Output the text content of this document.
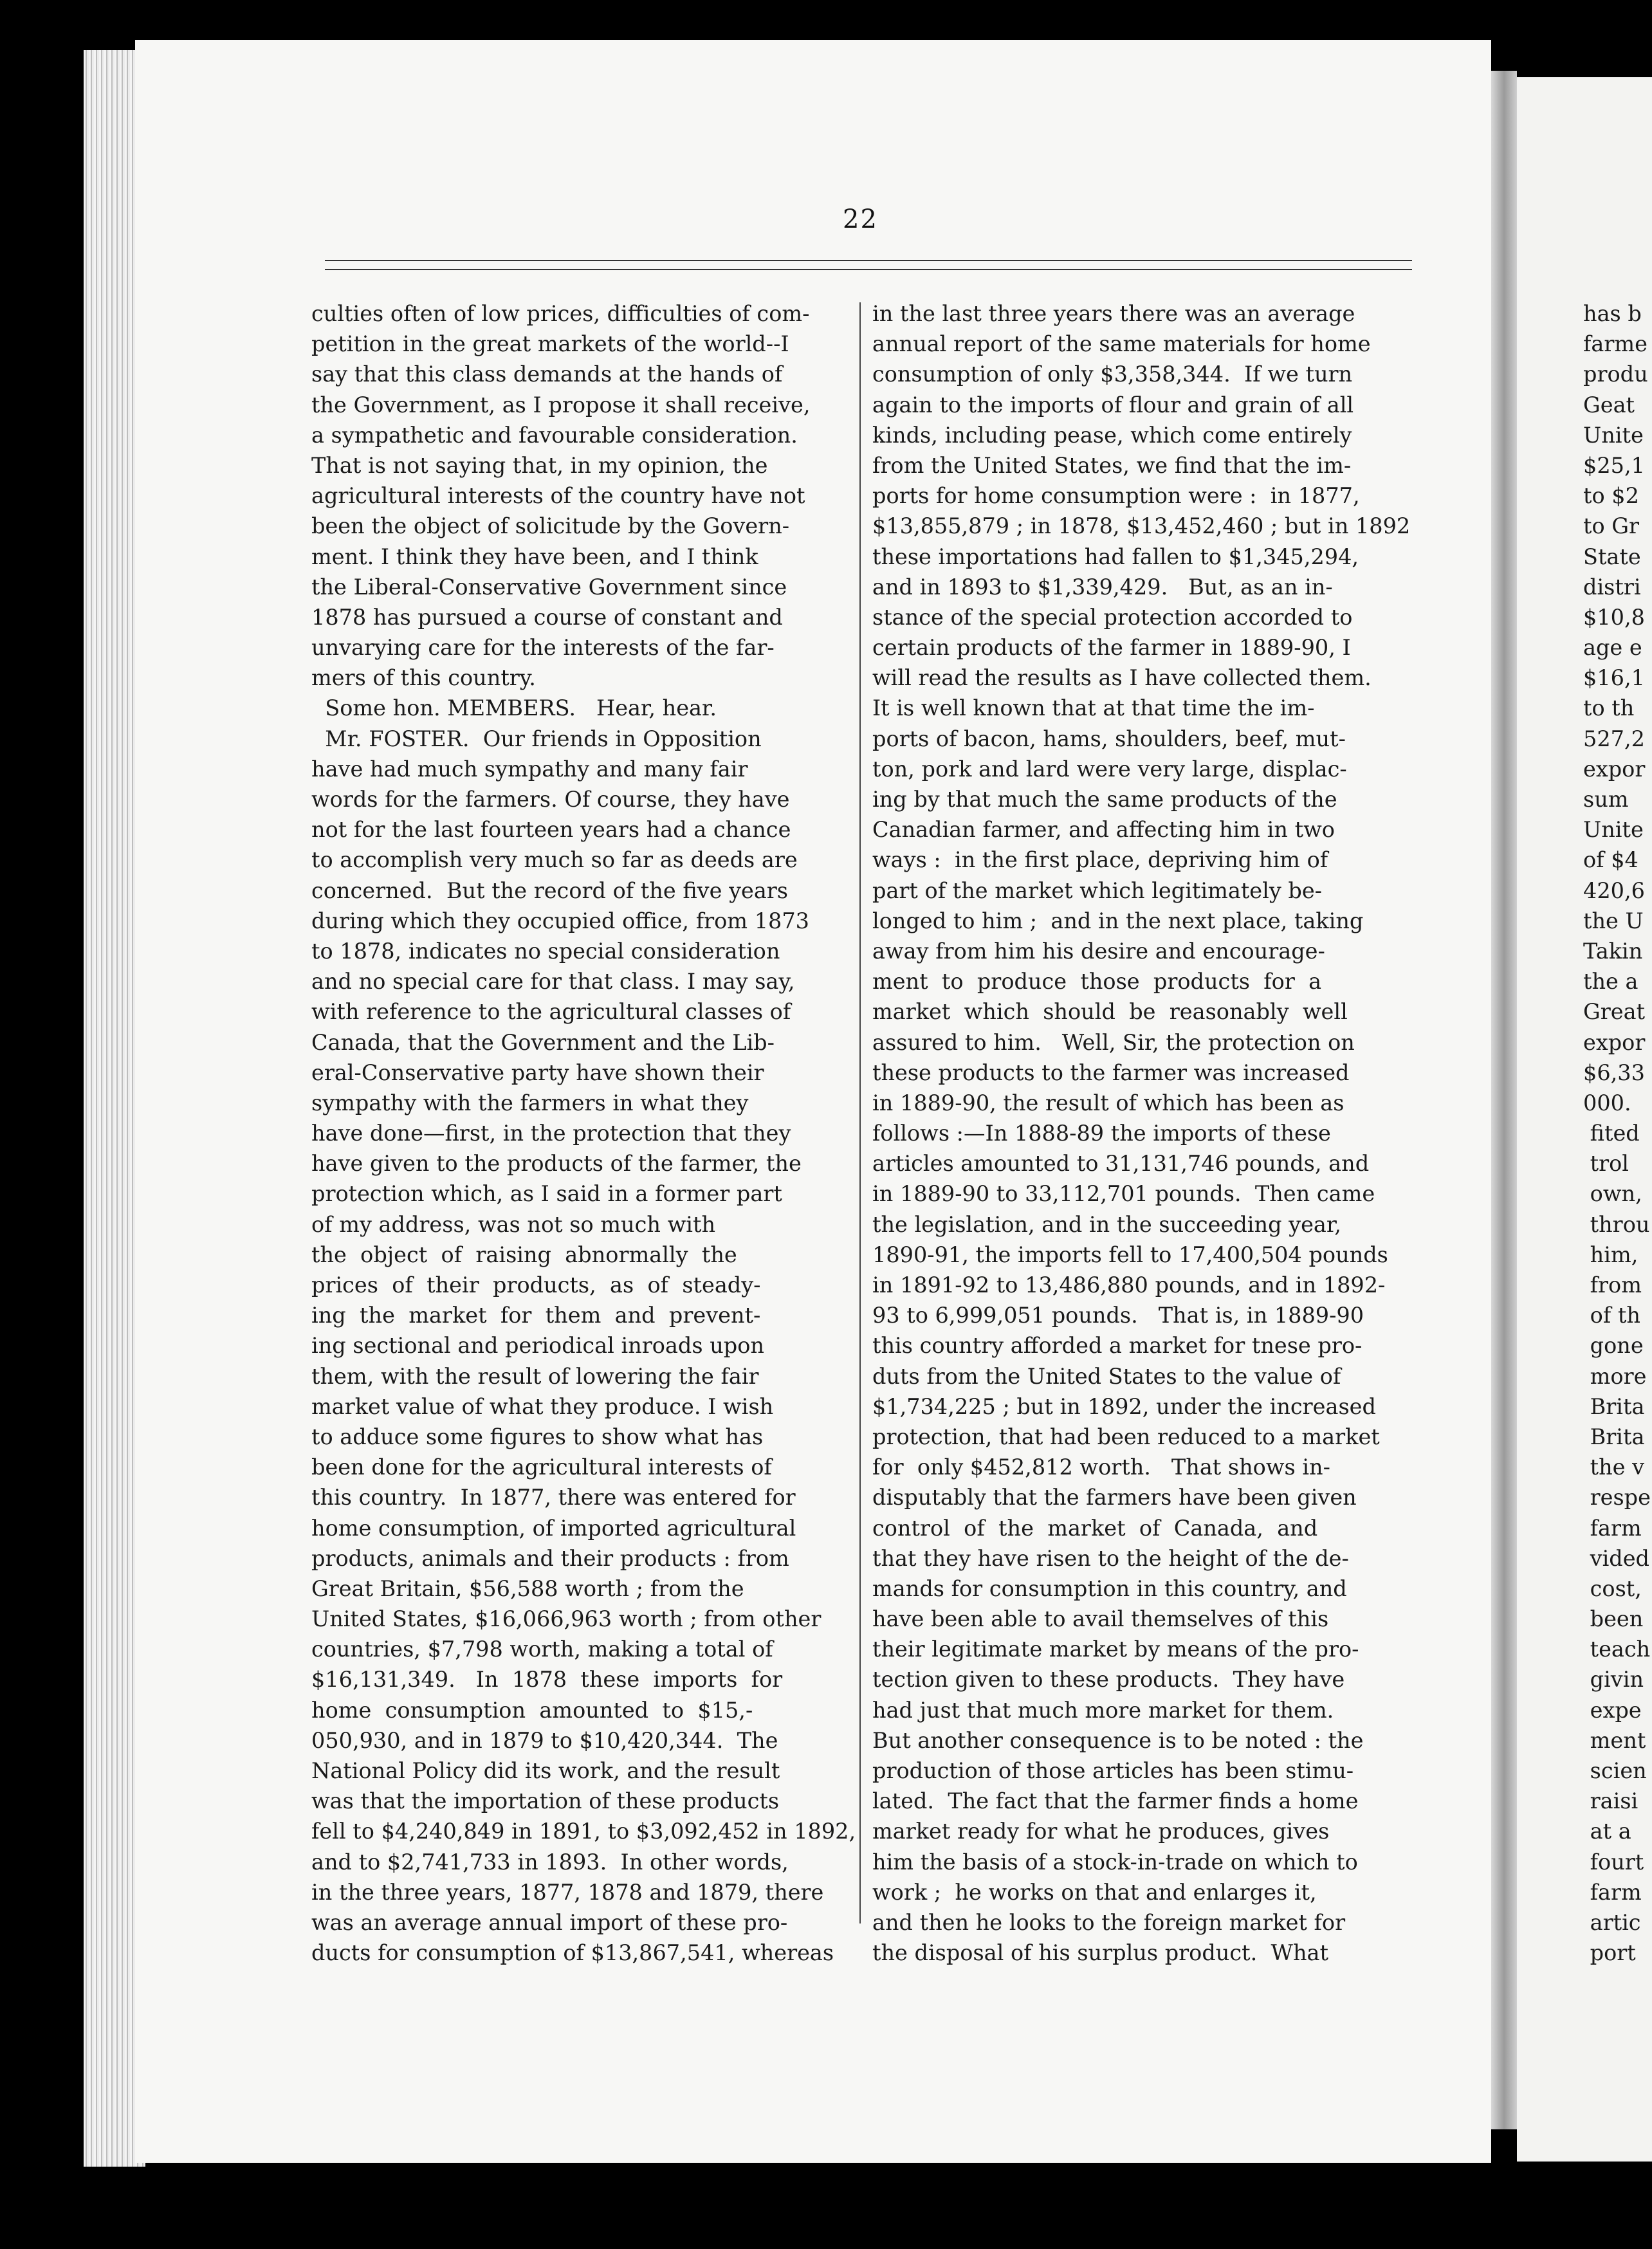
22
culties often of low prices, difficulties of com-
petition in the great markets of the world--I
say that this class demands at the hands of
the Government, as I propose it shall receive,
a sympathetic and favourable consideration.
That is not saying that, in my opinion, the
agricultural interests of the country have not
been the object of solicitude by the Govern-
ment. I think they have been, and I think
the Liberal-Conservative Government since
1878 has pursued a course of constant and
unvarying care for the interests of the far-
mers of this country.
Some hon. MEMBERS.   Hear, hear.
Mr. FOSTER.  Our friends in Opposition
have had much sympathy and many fair
words for the farmers. Of course, they have
not for the last fourteen years had a chance
to accomplish very much so far as deeds are
concerned.  But the record of the five years
during which they occupied office, from 1873
to 1878, indicates no special consideration
and no special care for that class. I may say,
with reference to the agricultural classes of
Canada, that the Government and the Lib-
eral-Conservative party have shown their
sympathy with the farmers in what they
have done—first, in the protection that they
have given to the products of the farmer, the
protection which, as I said in a former part
of my address, was not so much with
the  object  of  raising  abnormally  the
prices  of  their  products,  as  of  steady-
ing  the  market  for  them  and  prevent-
ing sectional and periodical inroads upon
them, with the result of lowering the fair
market value of what they produce. I wish
to adduce some figures to show what has
been done for the agricultural interests of
this country.  In 1877, there was entered for
home consumption, of imported agricultural
products, animals and their products : from
Great Britain, $56,588 worth ; from the
United States, $16,066,963 worth ; from other
countries, $7,798 worth, making a total of
$16,131,349.   In  1878  these  imports  for
home  consumption  amounted  to  $15,-
050,930, and in 1879 to $10,420,344.  The
National Policy did its work, and the result
was that the importation of these products
fell to $4,240,849 in 1891, to $3,092,452 in 1892,
and to $2,741,733 in 1893.  In other words,
in the three years, 1877, 1878 and 1879, there
was an average annual import of these pro-
ducts for consumption of $13,867,541, whereas
in the last three years there was an average
annual report of the same materials for home
consumption of only $3,358,344.  If we turn
again to the imports of flour and grain of all
kinds, including pease, which come entirely
from the United States, we find that the im-
ports for home consumption were :  in 1877,
$13,855,879 ; in 1878, $13,452,460 ; but in 1892
these importations had fallen to $1,345,294,
and in 1893 to $1,339,429.   But, as an in-
stance of the special protection accorded to
certain products of the farmer in 1889-90, I
will read the results as I have collected them.
It is well known that at that time the im-
ports of bacon, hams, shoulders, beef, mut-
ton, pork and lard were very large, displac-
ing by that much the same products of the
Canadian farmer, and affecting him in two
ways :  in the first place, depriving him of
part of the market which legitimately be-
longed to him ;  and in the next place, taking
away from him his desire and encourage-
ment  to  produce  those  products  for  a
market  which  should  be  reasonably  well
assured to him.   Well, Sir, the protection on
these products to the farmer was increased
in 1889-90, the result of which has been as
follows :—In 1888-89 the imports of these
articles amounted to 31,131,746 pounds, and
in 1889-90 to 33,112,701 pounds.  Then came
the legislation, and in the succeeding year,
1890-91, the imports fell to 17,400,504 pounds
in 1891-92 to 13,486,880 pounds, and in 1892-
93 to 6,999,051 pounds.   That is, in 1889-90
this country afforded a market for tnese pro-
duts from the United States to the value of
$1,734,225 ; but in 1892, under the increased
protection, that had been reduced to a market
for  only $452,812 worth.   That shows in-
disputably that the farmers have been given
control  of  the  market  of  Canada,  and
that they have risen to the height of the de-
mands for consumption in this country, and
have been able to avail themselves of this
their legitimate market by means of the pro-
tection given to these products.  They have
had just that much more market for them.
But another consequence is to be noted : the
production of those articles has been stimu-
lated.  The fact that the farmer finds a home
market ready for what he produces, gives
him the basis of a stock-in-trade on which to
work ;  he works on that and enlarges it,
and then he looks to the foreign market for
the disposal of his surplus product.  What
has b
farme
produ
Geat
Unite
$25,1
to $2
to Gr
State
distri
$10,8
age e
$16,1
to th
527,2
expor
sum
Unite
of $4
420,6
the U
Takin
the a
Great
expor
$6,33
000.
fited
trol
own,
throu
him,
from
of th
gone
more
Brita
Brita
the v
respe
farm
vided
cost,
been
teach
givin
expe
ment
scien
raisi
at a
fourt
farm
artic
port
